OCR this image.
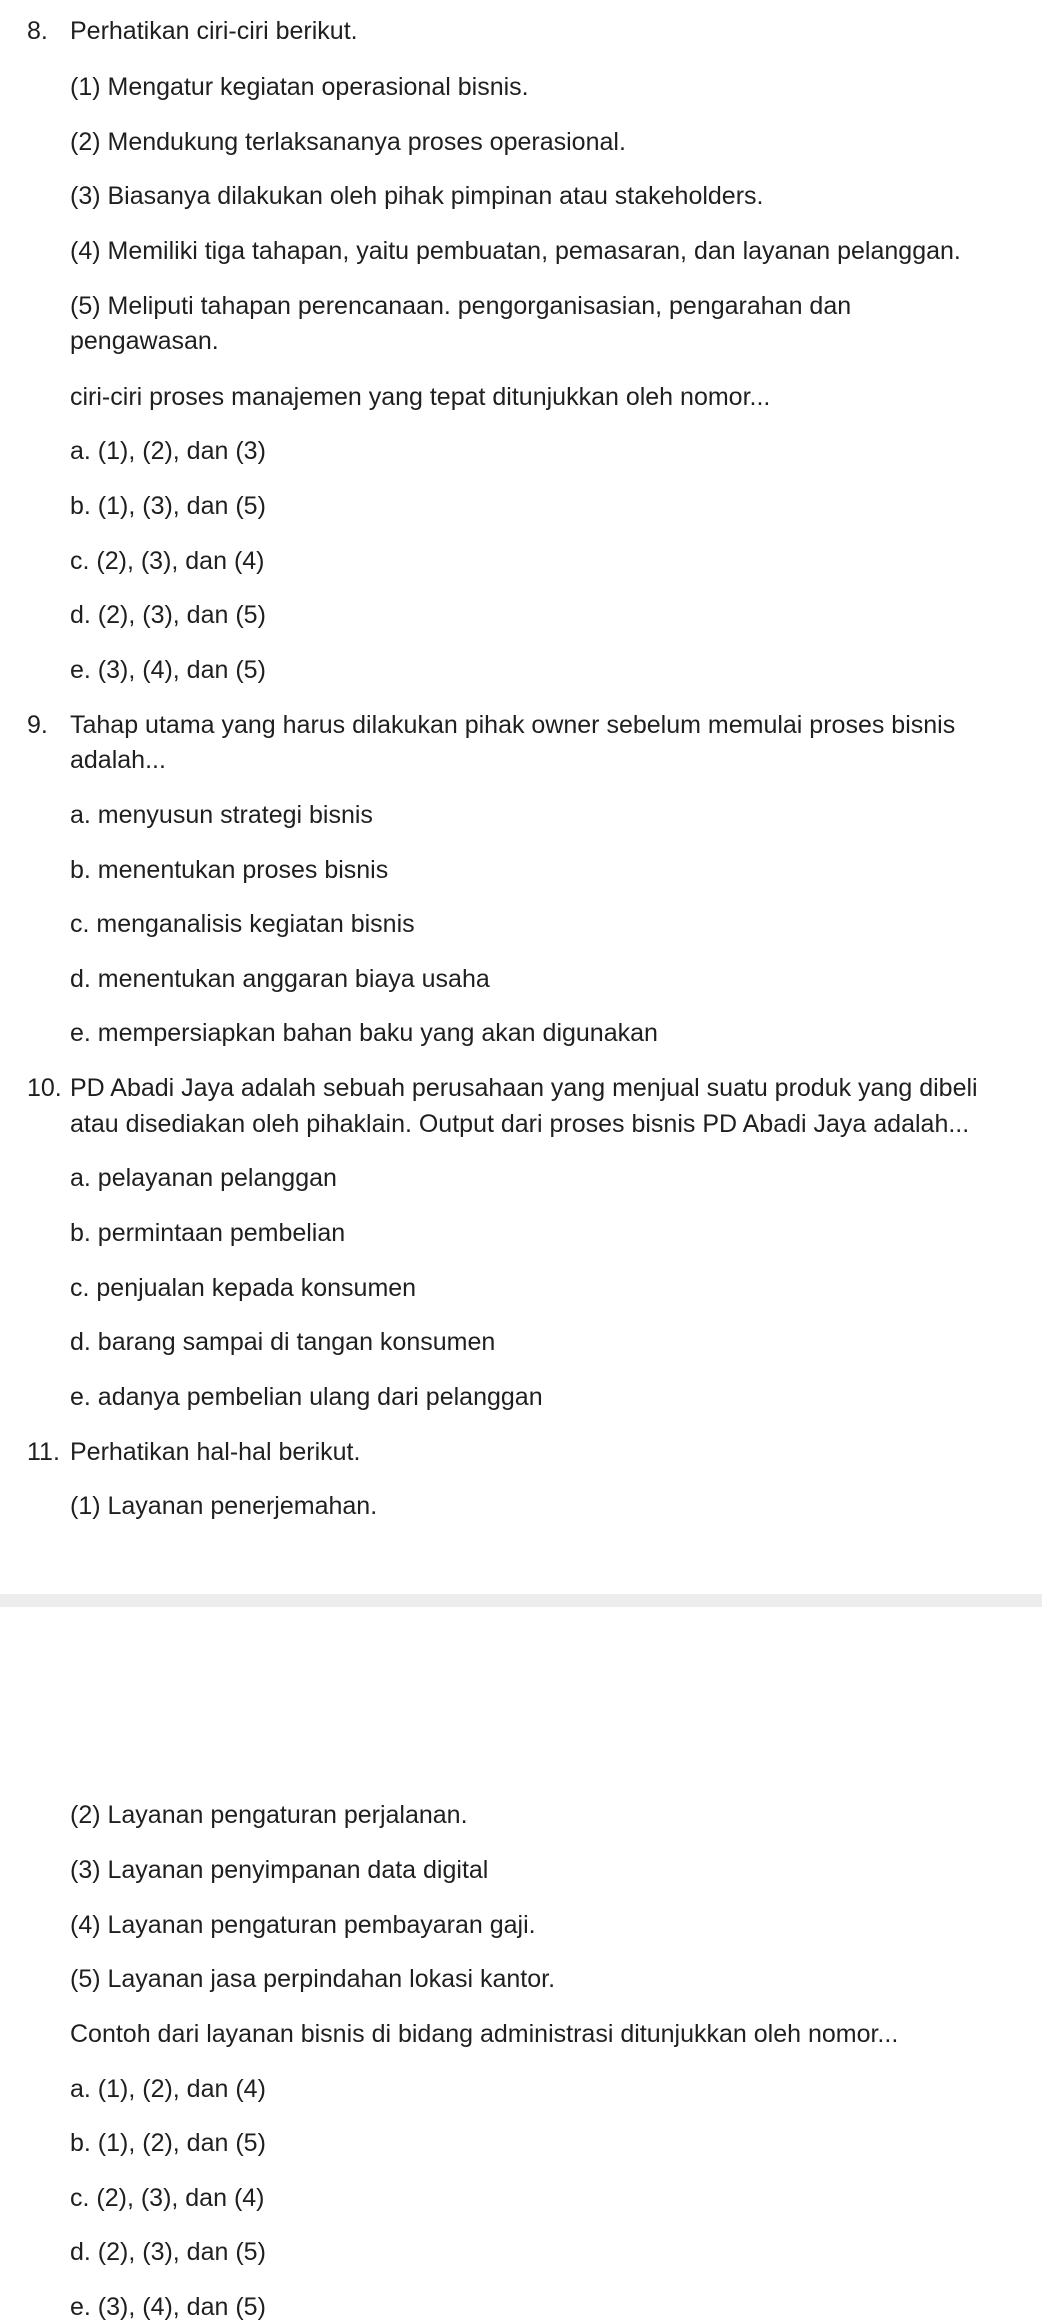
8. Perhatikan ciri-ciri berikut.
(1) Mengatur kegiatan operasional bisnis.
(2) Mendukung terlaksananya proses operasional.
(3) Biasanya dilakukan oleh pihak pimpinan atau stakeholders.
(4) Memiliki tiga tahapan, yaitu pembuatan, pemasaran, dan layanan pelanggan.
(5) Meliputi tahapan perencanaan. pengorganisasian, pengarahan dan
pengawasan.
ciri-ciri proses manajemen yang tepat ditunjukkan oleh nomor...
a. (1), (2), dan (3)
b. (1), (3), dan (5)
c. (2), (3), dan (4)
d. (2), (3), dan (5)
e. (3), (4), dan (5)
9. Tahap utama yang harus dilakukan pihak owner sebelum memulai proses bisnis
adalah...
a. menyusun strategi bisnis
b. menentukan proses bisnis
c. menganalisis kegiatan bisnis
d. menentukan anggaran biaya usaha
e. mempersiapkan bahan baku yang akan digunakan
10. PD Abadi Jaya adalah sebuah perusahaan yang menjual suatu produk yang dibeli
atau disediakan oleh pihaklain. Output dari proses bisnis PD Abadi Jaya adalah...
a. pelayanan pelanggan
b. permintaan pembelian
c. penjualan kepada konsumen
d. barang sampai di tangan konsumen
e. adanya pembelian ulang dari pelanggan
11. Perhatikan hal-hal berikut.
(1) Layanan penerjemahan.
(2) Layanan pengaturan perjalanan.
(3) Layanan penyimpanan data digital
(4) Layanan pengaturan pembayaran gaji.
(5) Layanan jasa perpindahan lokasi kantor.
Contoh dari layanan bisnis di bidang administrasi ditunjukkan oleh nomor...
a. (1), (2), dan (4)
b. (1), (2), dan (5)
c. (2), (3), dan (4)
d. (2), (3), dan (5)
e. (3), (4), dan (5)
